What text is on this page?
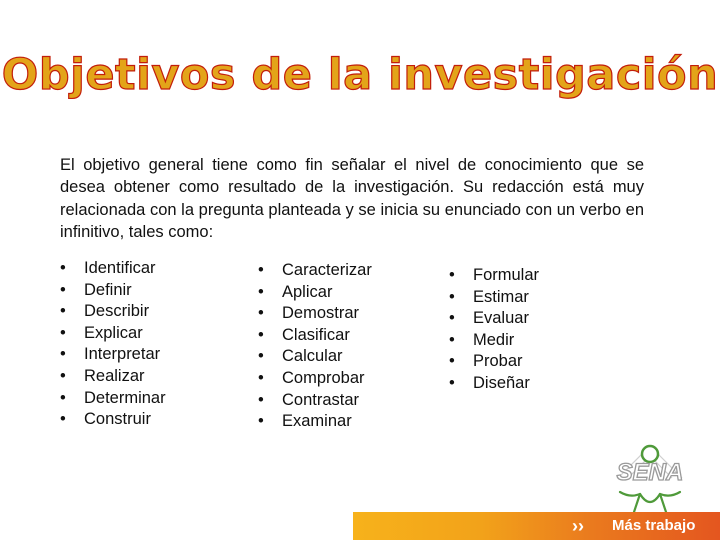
Objetivos de la investigación

El objetivo general tiene como fin señalar el nivel de conocimiento que se desea obtener como resultado de la investigación. Su redacción está muy relacionada con la pregunta planteada y se inicia su enunciado con un verbo en infinitivo, tales como:

• Identificar
• Definir
• Describir
• Explicar
• Interpretar
• Realizar
• Determinar
• Construir
• Caracterizar
• Aplicar
• Demostrar
• Clasificar
• Calcular
• Comprobar
• Contrastar
• Examinar
• Formular
• Estimar
• Evaluar
• Medir
• Probar
• Diseñar
SENA
››	Más trabajo
